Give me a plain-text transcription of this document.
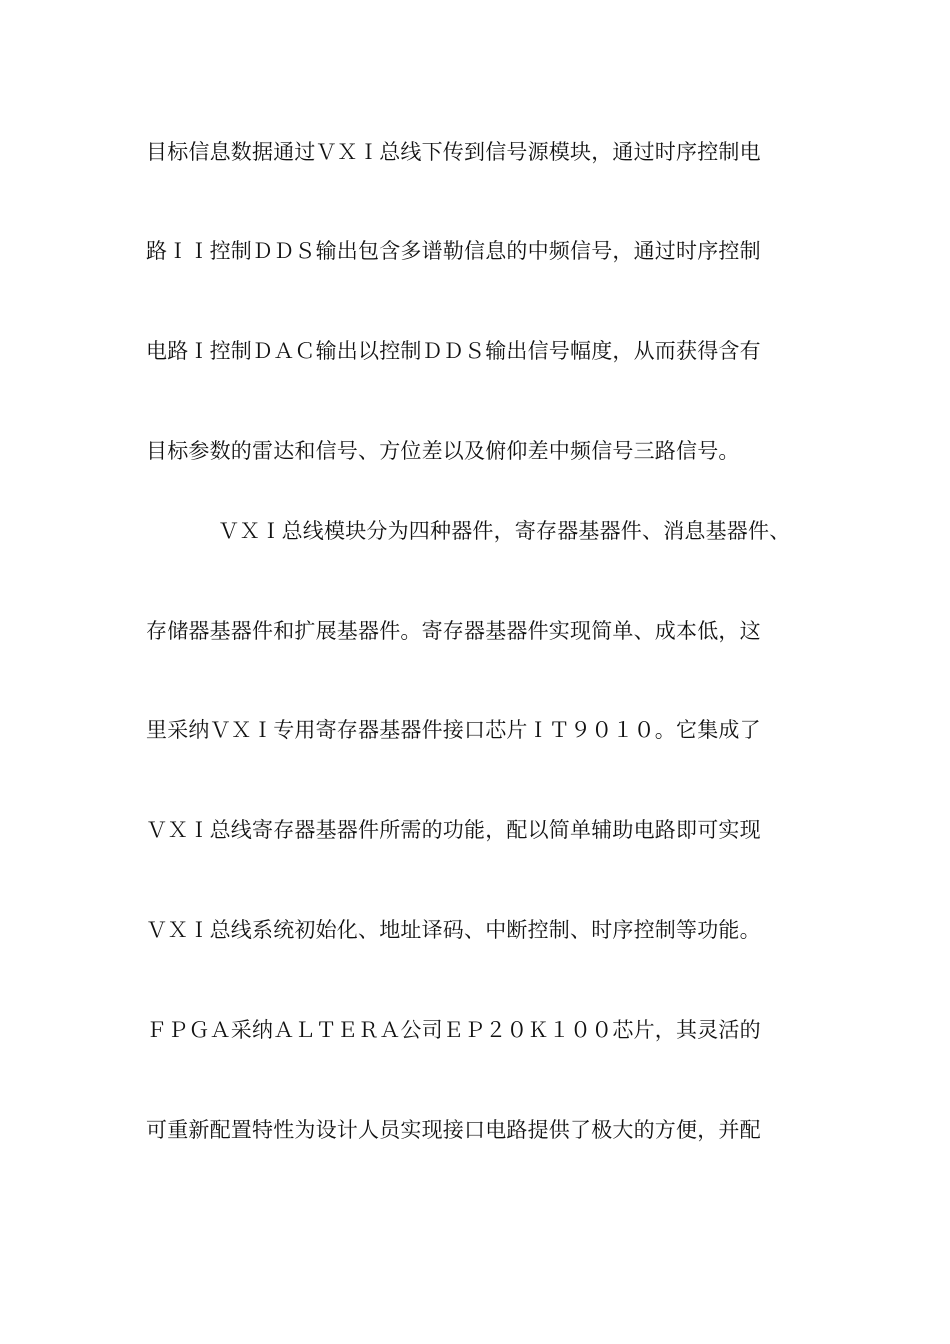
目标信息数据通过ＶＸＩ总线下传到信号源模块，通过时序控制电
路ＩＩ控制ＤＤＳ输出包含多谱勒信息的中频信号，通过时序控制
电路Ｉ控制ＤＡＣ输出以控制ＤＤＳ输出信号幅度，从而获得含有
目标参数的雷达和信号、方位差以及俯仰差中频信号三路信号。
ＶＸＩ总线模块分为四种器件，寄存器基器件、消息基器件、
存储器基器件和扩展基器件。寄存器基器件实现简单、成本低，这
里采纳ＶＸＩ专用寄存器基器件接口芯片ＩＴ９０１０。它集成了
ＶＸＩ总线寄存器基器件所需的功能，配以简单辅助电路即可实现
ＶＸＩ总线系统初始化、地址译码、中断控制、时序控制等功能。
ＦＰＧＡ采纳ＡＬＴＥＲＡ公司ＥＰ２０Ｋ１００芯片，其灵活的
可重新配置特性为设计人员实现接口电路提供了极大的方便，并配
